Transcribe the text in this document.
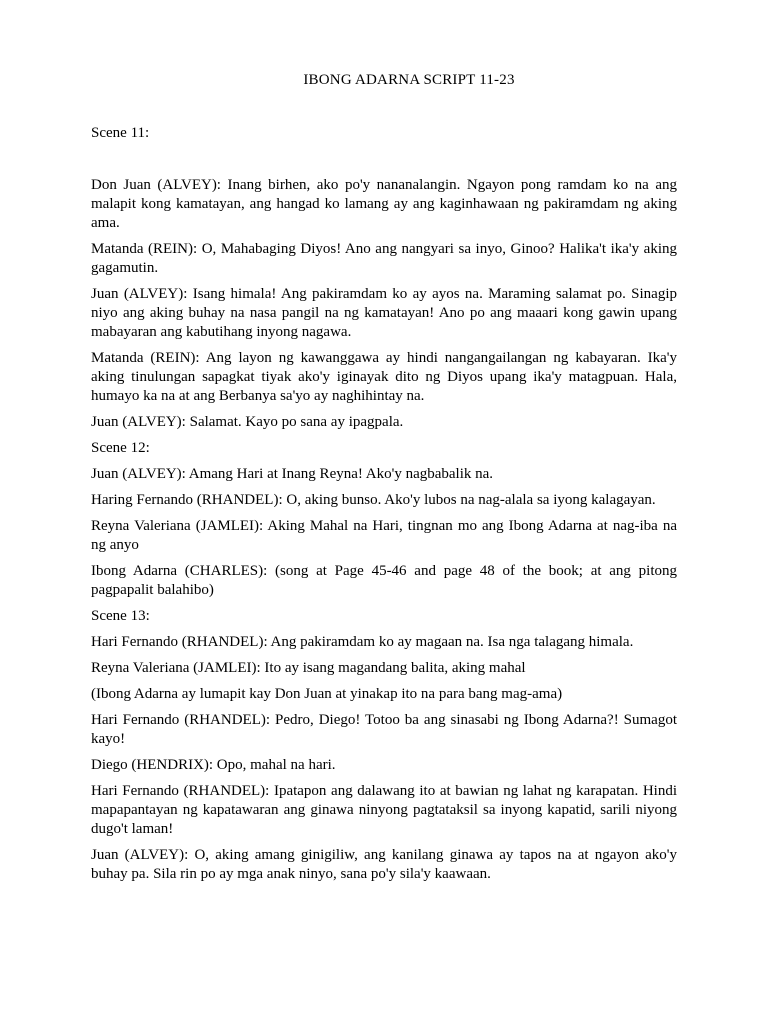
IBONG ADARNA SCRIPT 11-23

Scene 11:

Don Juan (ALVEY): Inang birhen, ako po'y nananalangin. Ngayon pong ramdam ko na ang malapit kong kamatayan, ang hangad ko lamang ay ang kaginhawaan ng pakiramdam ng aking ama.

Matanda (REIN): O, Mahabaging Diyos! Ano ang nangyari sa inyo, Ginoo? Halika't ika'y aking gagamutin.

Juan (ALVEY): Isang himala! Ang pakiramdam ko ay ayos na. Maraming salamat po. Sinagip niyo ang aking buhay na nasa pangil na ng kamatayan! Ano po ang maaari kong gawin upang mabayaran ang kabutihang inyong nagawa.

Matanda (REIN): Ang layon ng kawanggawa ay hindi nangangailangan ng kabayaran. Ika'y aking tinulungan sapagkat tiyak ako'y iginayak dito ng Diyos upang ika'y matagpuan. Hala, humayo ka na at ang Berbanya sa'yo ay naghihintay na.

Juan (ALVEY): Salamat. Kayo po sana ay ipagpala.

Scene 12:

Juan (ALVEY): Amang Hari at Inang Reyna! Ako'y nagbabalik na.

Haring Fernando (RHANDEL): O, aking bunso. Ako'y lubos na nag-alala sa iyong kalagayan.

Reyna Valeriana (JAMLEI): Aking Mahal na Hari, tingnan mo ang Ibong Adarna at nag-iba na ng anyo

Ibong Adarna (CHARLES): (song at Page 45-46 and page 48 of the book; at ang pitong pagpapalit balahibo)

Scene 13:

Hari Fernando (RHANDEL): Ang pakiramdam ko ay magaan na. Isa nga talagang himala.

Reyna Valeriana (JAMLEI): Ito ay isang magandang balita, aking mahal

(Ibong Adarna ay lumapit kay Don Juan at yinakap ito na para bang mag-ama)

Hari Fernando (RHANDEL): Pedro, Diego! Totoo ba ang sinasabi ng Ibong Adarna?! Sumagot kayo!

Diego (HENDRIX): Opo, mahal na hari.

Hari Fernando (RHANDEL): Ipatapon ang dalawang ito at bawian ng lahat ng karapatan. Hindi mapapantayan ng kapatawaran ang ginawa ninyong pagtataksil sa inyong kapatid, sarili niyong dugo't laman!

Juan (ALVEY): O, aking amang ginigiliw, ang kanilang ginawa ay tapos na at ngayon ako'y buhay pa. Sila rin po ay mga anak ninyo, sana po'y sila'y kaawaan.
